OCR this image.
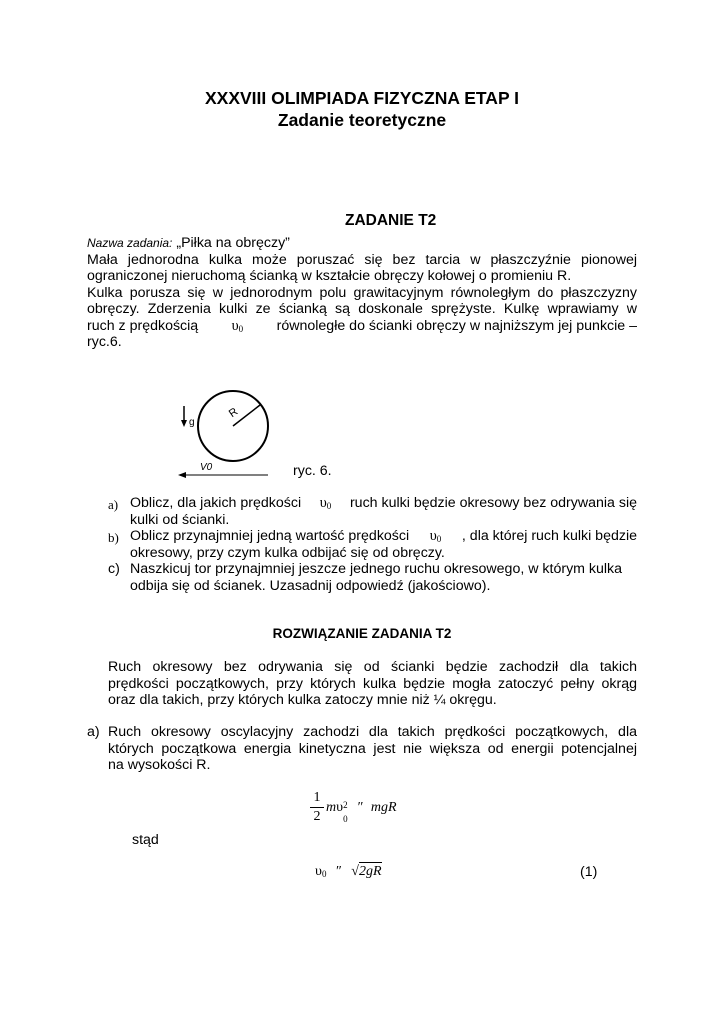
XXXVIII OLIMPIADA FIZYCZNA ETAP I
Zadanie teoretyczne
ZADANIE T2
Nazwa zadania: „Piłka na obręczy”
Mała jednorodna kulka może poruszać się bez tarcia w płaszczyźnie pionowej
ograniczonej nieruchomą ścianką w kształcie obręczy kołowej o promieniu R.
Kulka porusza się w jednorodnym polu grawitacyjnym równoległym do płaszczyzny
obręczy. Zderzenia kulki ze ścianką są doskonale sprężyste. Kulkę wprawiamy w
ruch z prędkością $\upsilon_0$ równoległe do ścianki obręczy w najniższym jej punkcie –
ryc.6.
g
R
V0	ryc. 6.
a) Oblicz, dla jakich prędkości $\upsilon_0$ ruch kulki będzie okresowy bez odrywania się
kulki od ścianki.
b) Oblicz przynajmniej jedną wartość prędkości $\upsilon_0$ , dla której ruch kulki będzie
okresowy, przy czym kulka odbijać się od obręczy.
c) Naszkicuj tor przynajmniej jeszcze jednego ruchu okresowego, w którym kulka
odbija się od ścianek. Uzasadnij odpowiedź (jakościowo).
ROZWIĄZANIE ZADANIA T2
Ruch okresowy bez odrywania się od ścianki będzie zachodził dla takich
prędkości początkowych, przy których kulka będzie mogła zatoczyć pełny okrąg
oraz dla takich, przy których kulka zatoczy mnie niż ¼ okręgu.
a) Ruch okresowy oscylacyjny zachodzi dla takich prędkości początkowych, dla
których początkowa energia kinetyczna jest nie większa od energii potencjalnej
na wysokości R.
1
2
mυ 2
0
″ mgR
stąd
$\upsilon_0$ ″ √2gR	(1)
